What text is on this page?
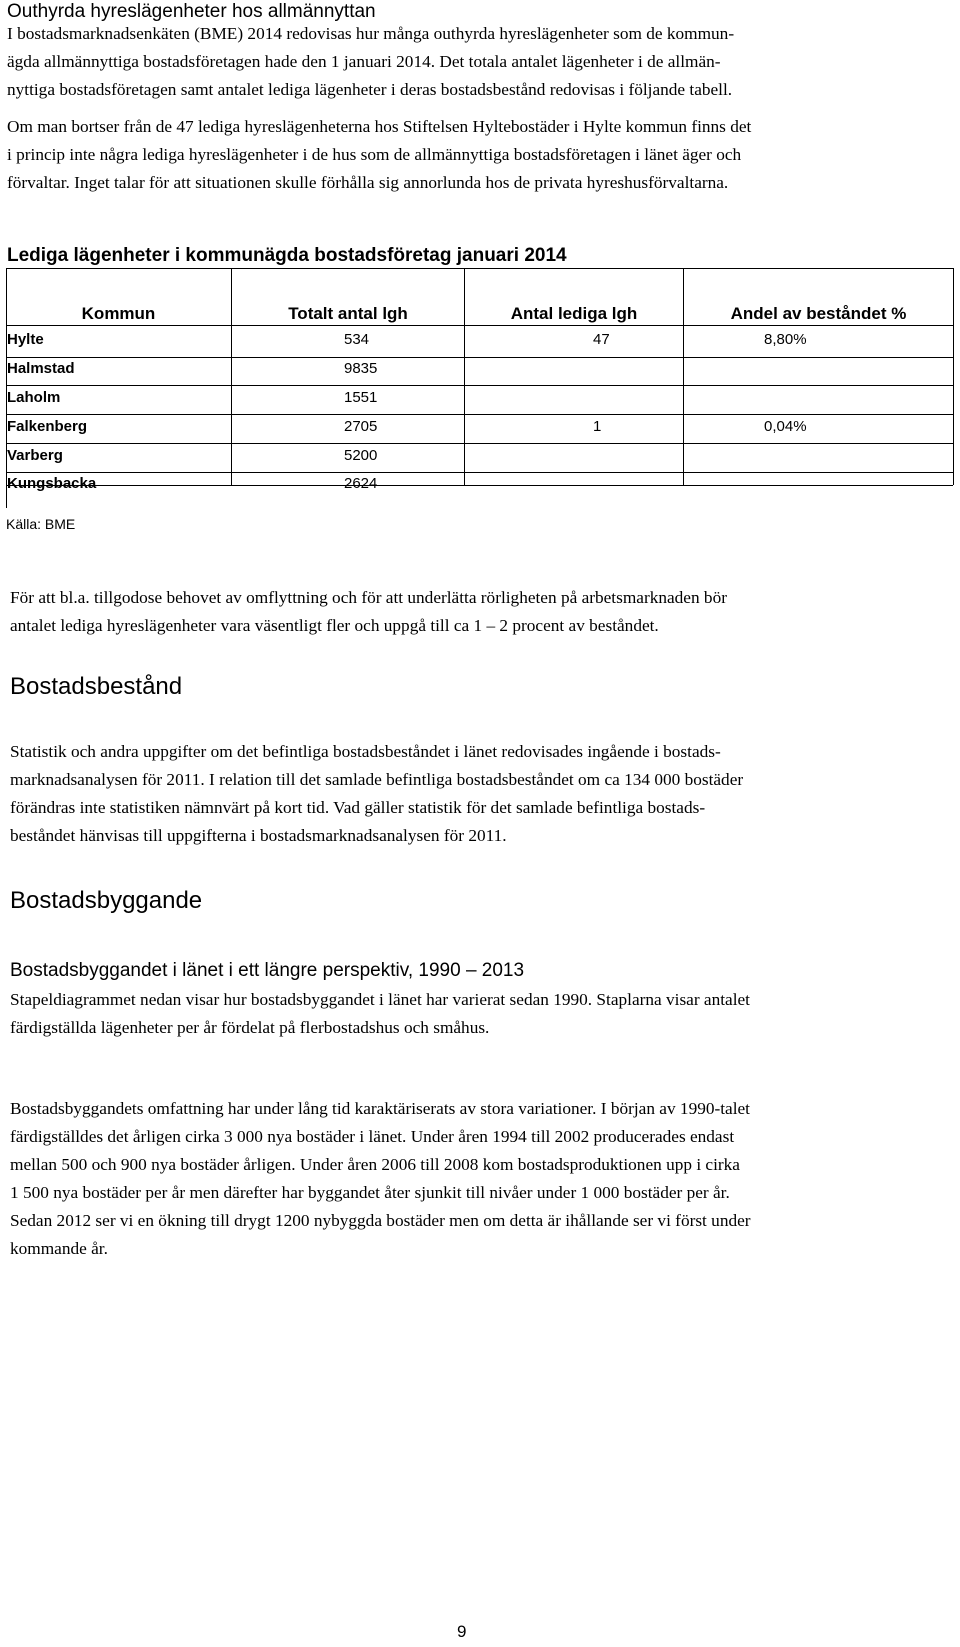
Outhyrda hyreslägenheter hos allmännyttan
I bostadsmarknadsenkäten (BME) 2014 redovisas hur många outhyrda hyreslägenheter som de kommun-
ägda allmännyttiga bostadsföretagen hade den 1 januari 2014. Det totala antalet lägenheter i de allmän-
nyttiga bostadsföretagen samt antalet lediga lägenheter i deras bostadsbestånd redovisas i följande tabell.
Om man bortser från de 47 lediga hyreslägenheterna hos Stiftelsen Hyltebostäder i Hylte kommun finns det
i princip inte några lediga hyreslägenheter i de hus som de allmännyttiga bostadsföretagen i länet äger och
förvaltar. Inget talar för att situationen skulle förhålla sig annorlunda hos de privata hyreshusförvaltarna.
Lediga lägenheter i kommunägda bostadsföretag januari 2014
Kommun	Totalt antal lgh	Antal lediga lgh	Andel av beståndet %
Hylte	534	47	8,80%
Halmstad	9835
Laholm	1551
Falkenberg	2705	1	0,04%
Varberg	5200
Kungsbacka	2624
Källa: BME
För att bl.a. tillgodose behovet av omflyttning och för att underlätta rörligheten på arbetsmarknaden bör
antalet lediga hyreslägenheter vara väsentligt fler och uppgå till ca 1 – 2 procent av beståndet.
Bostadsbestånd
Statistik och andra uppgifter om det befintliga bostadsbeståndet i länet redovisades ingående i bostads-
marknadsanalysen för 2011. I relation till det samlade befintliga bostadsbeståndet om ca 134 000 bostäder
förändras inte statistiken nämnvärt på kort tid. Vad gäller statistik för det samlade befintliga bostads-
beståndet hänvisas till uppgifterna i bostadsmarknadsanalysen för 2011.
Bostadsbyggande
Bostadsbyggandet i länet i ett längre perspektiv, 1990 – 2013
Stapeldiagrammet nedan visar hur bostadsbyggandet i länet har varierat sedan 1990. Staplarna visar antalet
färdigställda lägenheter per år fördelat på flerbostadshus och småhus.
Bostadsbyggandets omfattning har under lång tid karaktäriserats av stora variationer. I början av 1990-talet
färdigställdes det årligen cirka 3 000 nya bostäder i länet. Under åren 1994 till 2002 producerades endast
mellan 500 och 900 nya bostäder årligen. Under åren 2006 till 2008 kom bostadsproduktionen upp i cirka
1 500 nya bostäder per år men därefter har byggandet åter sjunkit till nivåer under 1 000 bostäder per år.
Sedan 2012 ser vi en ökning till drygt 1200 nybyggda bostäder men om detta är ihållande ser vi först under
kommande år.
9
